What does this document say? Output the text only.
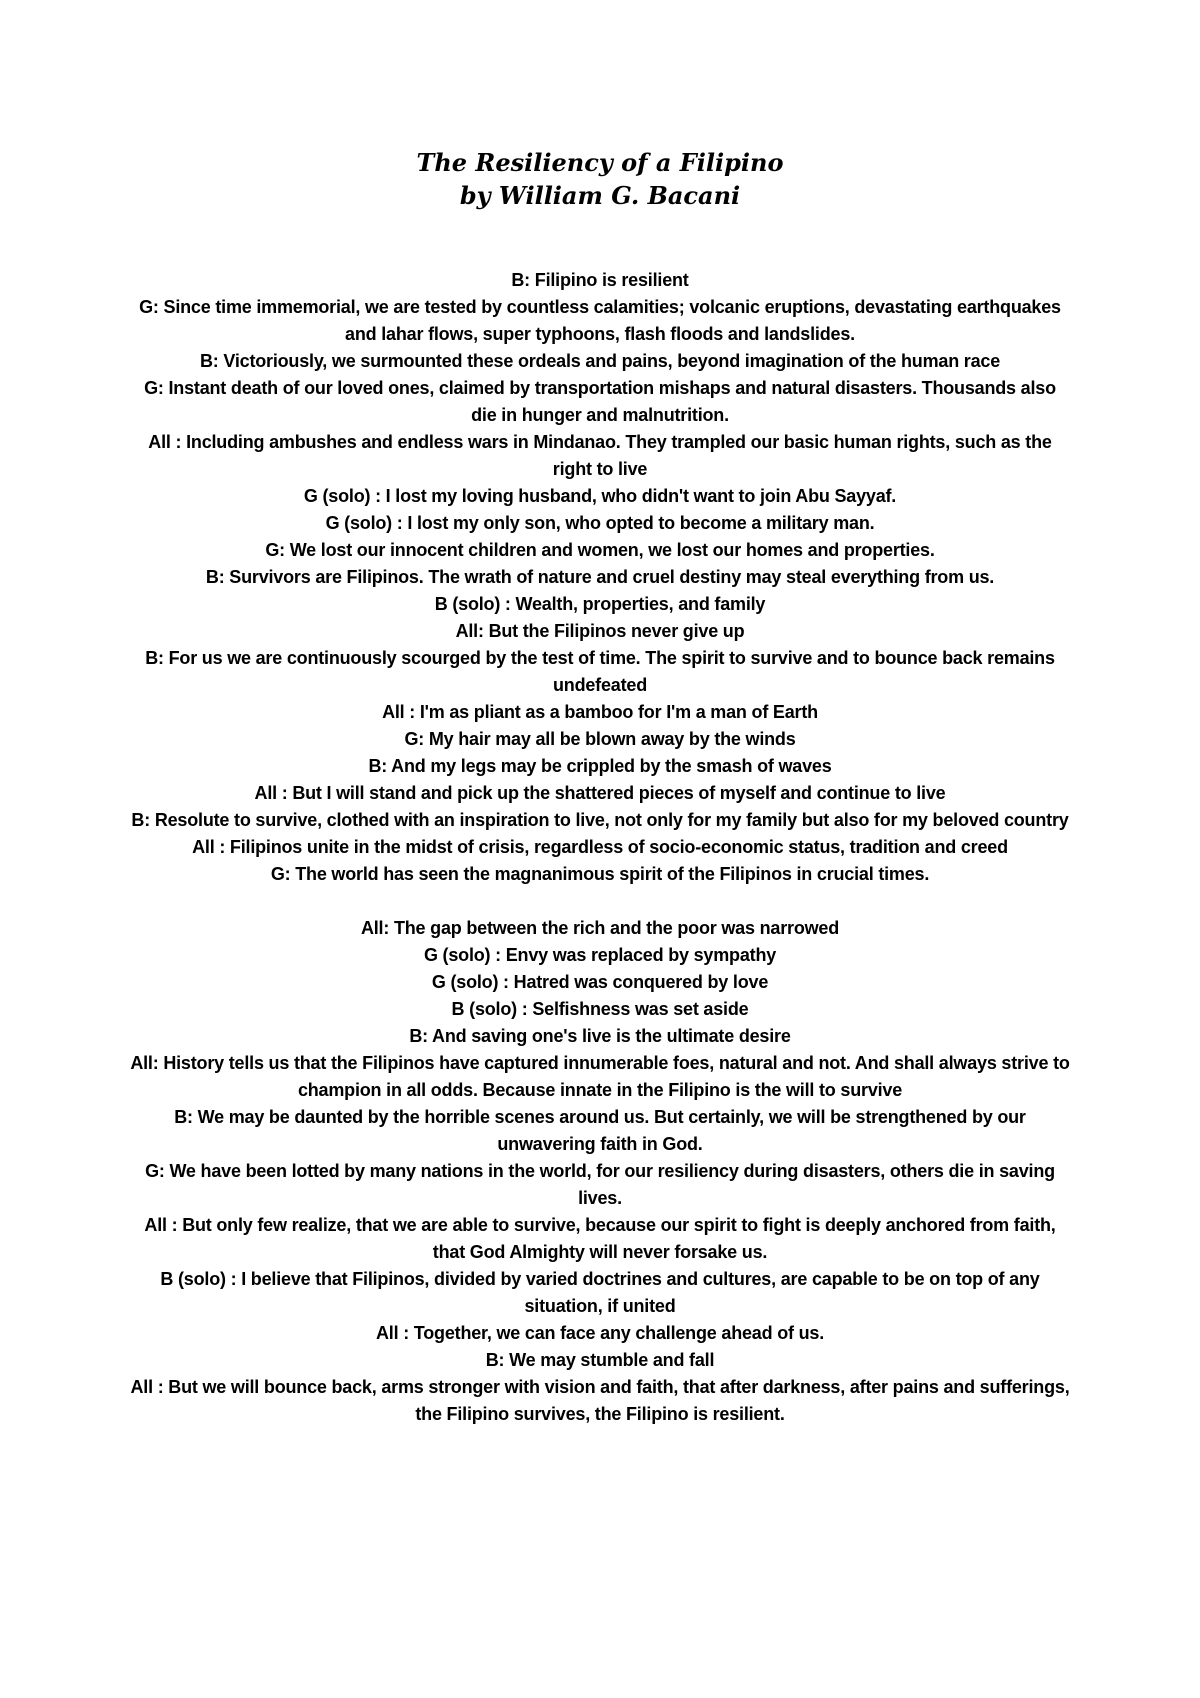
The Resiliency of a Filipino
by William G. Bacani

B: Filipino is resilient

G: Since time immemorial, we are tested by countless calamities; volcanic eruptions, devastating earthquakes and lahar flows, super typhoons, flash floods and landslides.

B: Victoriously, we surmounted these ordeals and pains, beyond imagination of the human race

G: Instant death of our loved ones, claimed by transportation mishaps and natural disasters. Thousands also die in hunger and malnutrition.

All : Including ambushes and endless wars in Mindanao. They trampled our basic human rights, such as the right to live

G (solo) : I lost my loving husband, who didn't want to join Abu Sayyaf.

G (solo) : I lost my only son, who opted to become a military man.

G: We lost our innocent children and women, we lost our homes and properties.

B: Survivors are Filipinos. The wrath of nature and cruel destiny may steal everything from us.

B (solo) : Wealth, properties, and family

All: But the Filipinos never give up

B: For us we are continuously scourged by the test of time. The spirit to survive and to bounce back remains undefeated

All : I'm as pliant as a bamboo for I'm a man of Earth

G: My hair may all be blown away by the winds

B: And my legs may be crippled by the smash of waves

All : But I will stand and pick up the shattered pieces of myself and continue to live

B: Resolute to survive, clothed with an inspiration to live, not only for my family but also for my beloved country

All : Filipinos unite in the midst of crisis, regardless of socio-economic status, tradition and creed

G: The world has seen the magnanimous spirit of the Filipinos in crucial times.

All: The gap between the rich and the poor was narrowed

G (solo) : Envy was replaced by sympathy

G (solo) : Hatred was conquered by love

B (solo) : Selfishness was set aside

B: And saving one's live is the ultimate desire

All: History tells us that the Filipinos have captured innumerable foes, natural and not. And shall always strive to champion in all odds. Because innate in the Filipino is the will to survive

B: We may be daunted by the horrible scenes around us. But certainly, we will be strengthened by our unwavering faith in God.

G: We have been lotted by many nations in the world, for our resiliency during disasters, others die in saving lives.

All : But only few realize, that we are able to survive, because our spirit to fight is deeply anchored from faith, that God Almighty will never forsake us.

B (solo) : I believe that Filipinos, divided by varied doctrines and cultures, are capable to be on top of any situation, if united

All : Together, we can face any challenge ahead of us.

B: We may stumble and fall

All : But we will bounce back, arms stronger with vision and faith, that after darkness, after pains and sufferings, the Filipino survives, the Filipino is resilient.
